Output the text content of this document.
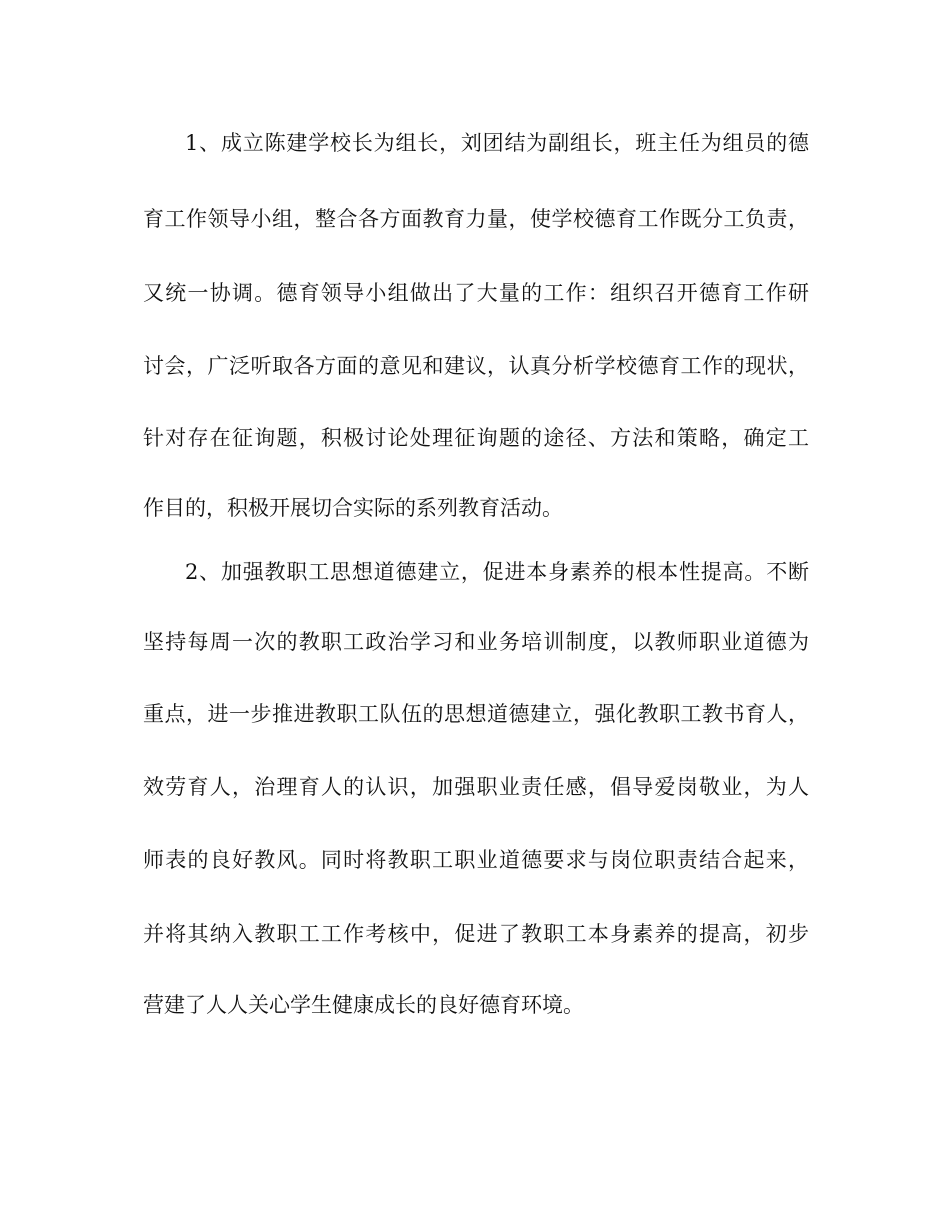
1、成立陈建学校长为组长，刘团结为副组长，班主任为组员的德

育工作领导小组，整合各方面教育力量，使学校德育工作既分工负责，

又统一协调。德育领导小组做出了大量的工作：组织召开德育工作研

讨会，广泛听取各方面的意见和建议，认真分析学校德育工作的现状，

针对存在征询题，积极讨论处理征询题的途径、方法和策略，确定工

作目的，积极开展切合实际的系列教育活动。

2、加强教职工思想道德建立，促进本身素养的根本性提高。不断

坚持每周一次的教职工政治学习和业务培训制度，以教师职业道德为

重点，进一步推进教职工队伍的思想道德建立，强化教职工教书育人，

效劳育人，治理育人的认识，加强职业责任感，倡导爱岗敬业，为人

师表的良好教风。同时将教职工职业道德要求与岗位职责结合起来，

并将其纳入教职工工作考核中，促进了教职工本身素养的提高，初步

营建了人人关心学生健康成长的良好德育环境。
